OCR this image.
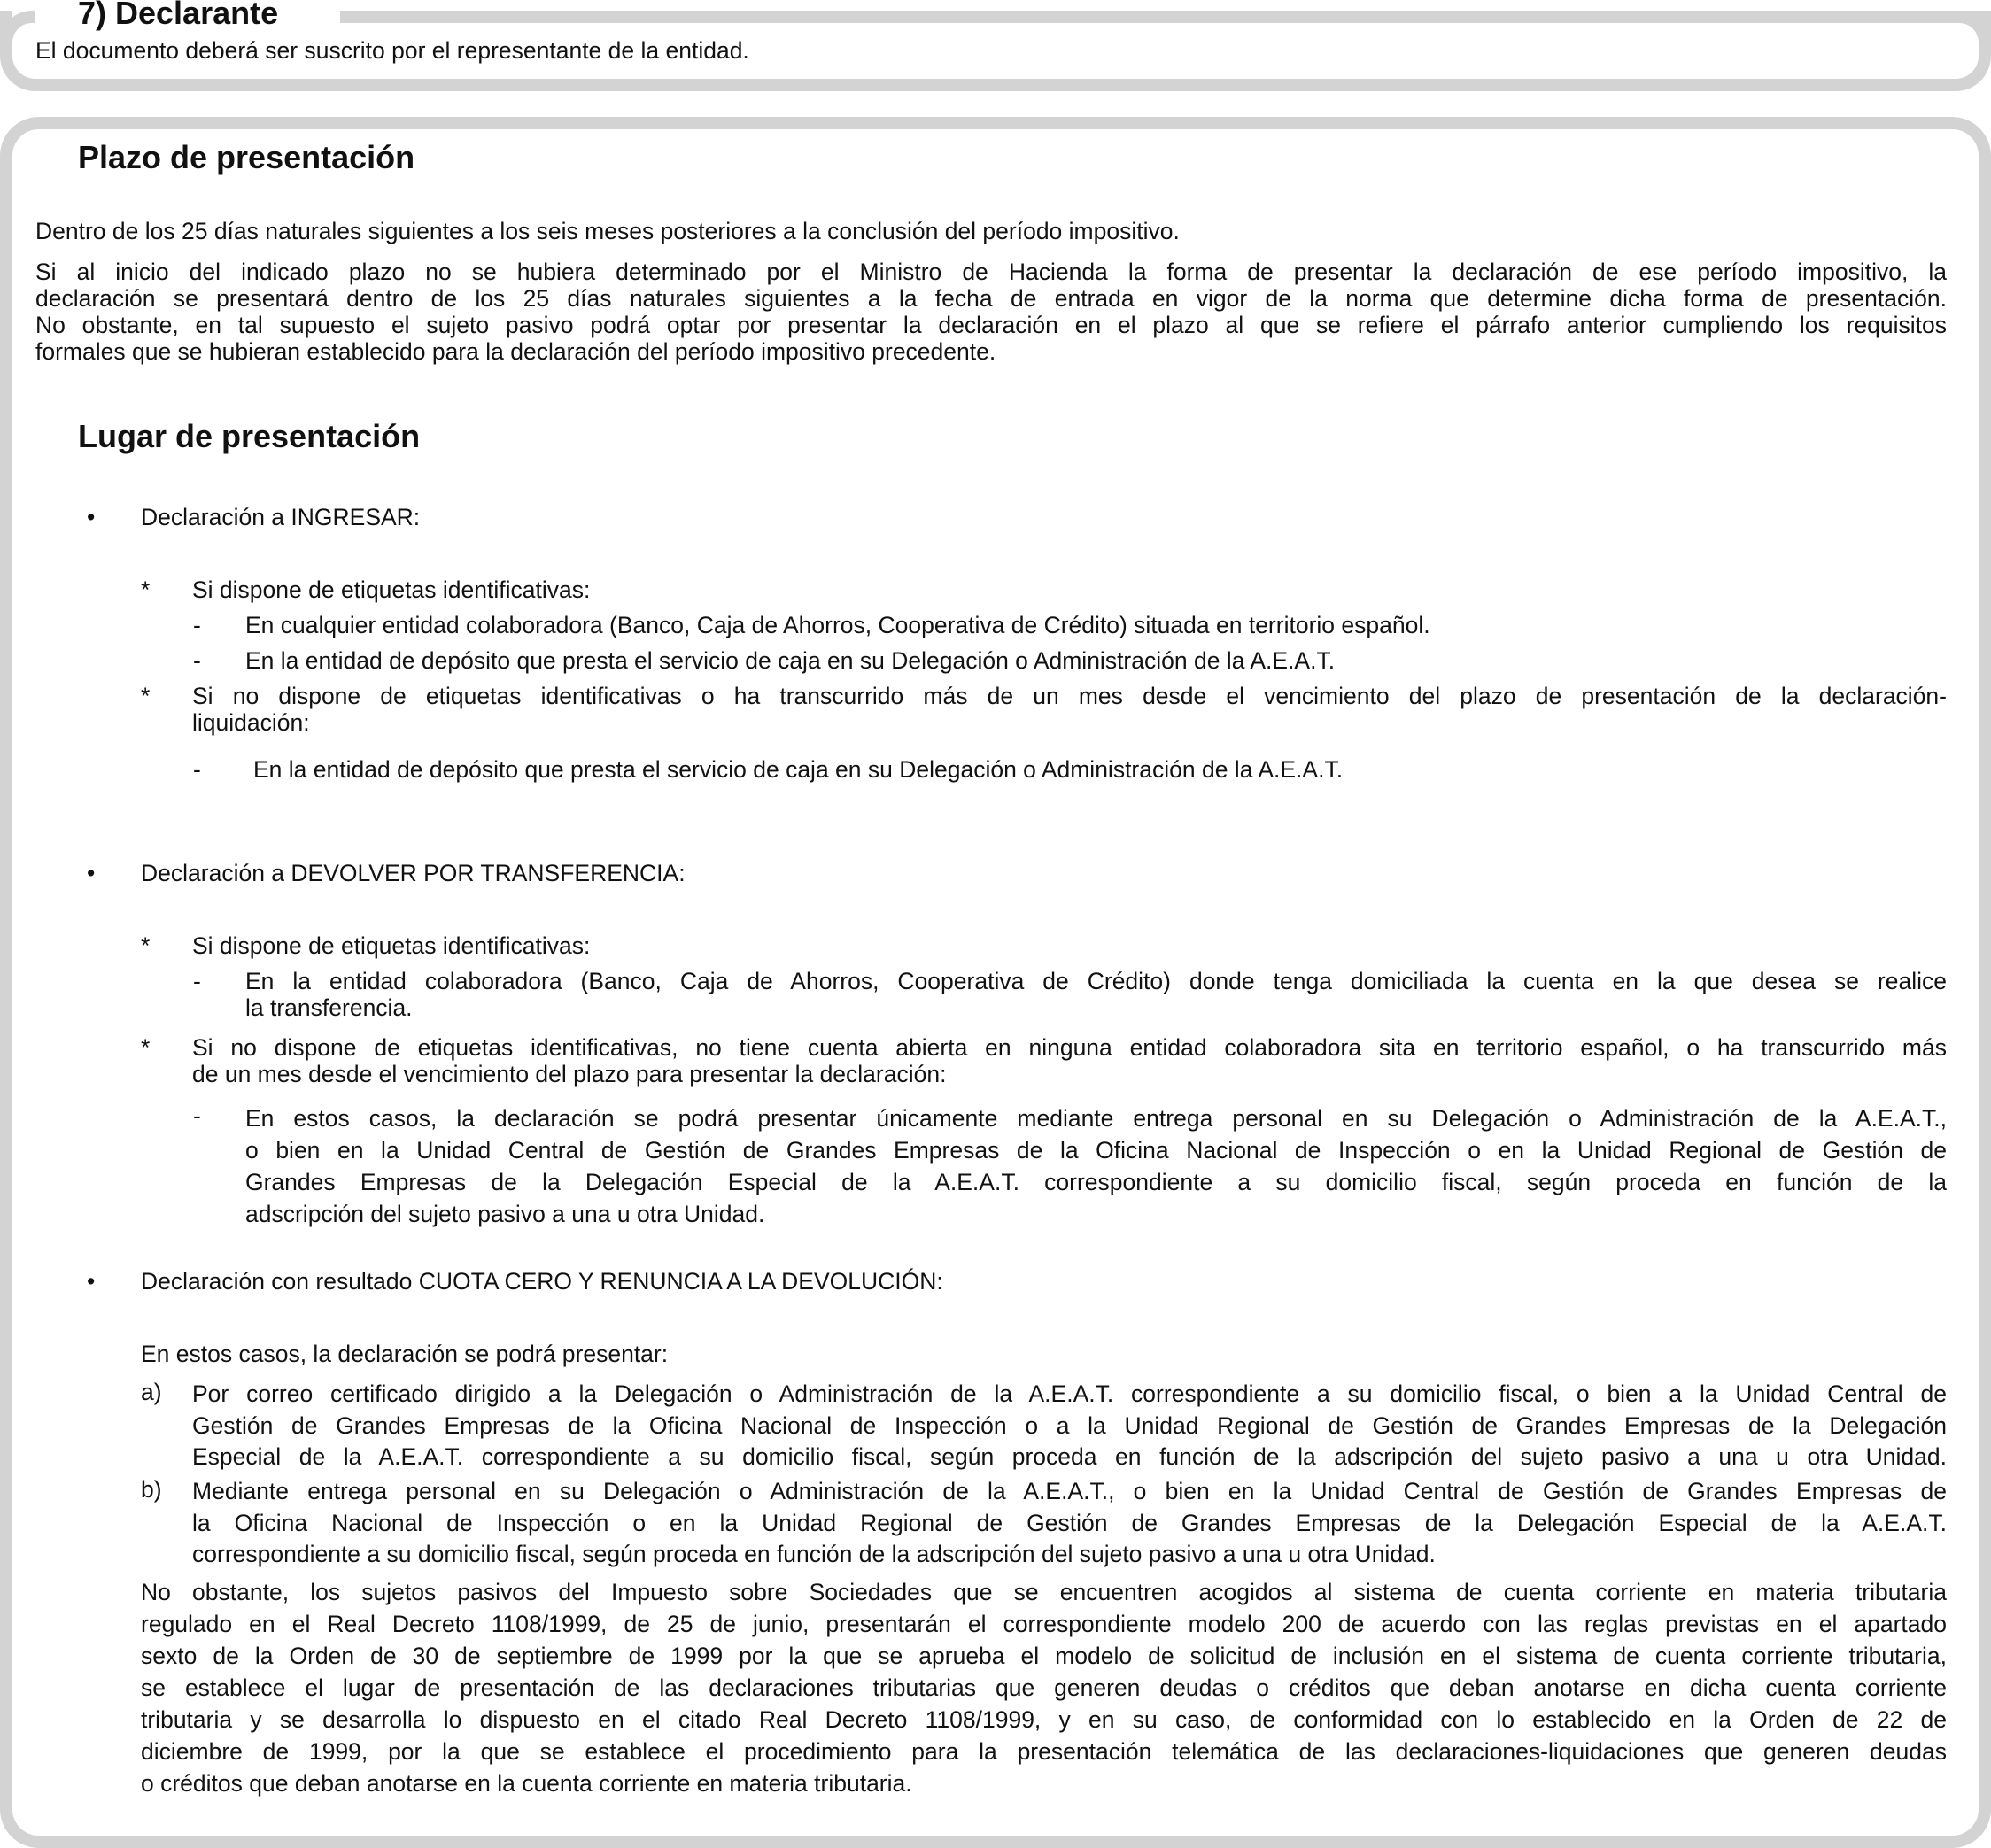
7) Declarante
El documento deberá ser suscrito por el representante de la entidad.
Plazo de presentación
Dentro de los 25 días naturales siguientes a los seis meses posteriores a la conclusión del período impositivo.
Si al inicio del indicado plazo no se hubiera determinado por el Ministro de Hacienda la forma de presentar la declaración de ese período impositivo, la
declaración se presentará dentro de los 25 días naturales siguientes a la fecha de entrada en vigor de la norma que determine dicha forma de presentación.
No obstante, en tal supuesto el sujeto pasivo podrá optar por presentar la declaración en el plazo al que se refiere el párrafo anterior cumpliendo los requisitos
formales que se hubieran establecido para la declaración del período impositivo precedente.
Lugar de presentación
• Declaración a INGRESAR:
* Si dispone de etiquetas identificativas:
- En cualquier entidad colaboradora (Banco, Caja de Ahorros, Cooperativa de Crédito) situada en territorio español.
- En la entidad de depósito que presta el servicio de caja en su Delegación o Administración de la A.E.A.T.
* Si no dispone de etiquetas identificativas o ha transcurrido más de un mes desde el vencimiento del plazo de presentación de la declaración-
liquidación:
- En la entidad de depósito que presta el servicio de caja en su Delegación o Administración de la A.E.A.T.
• Declaración a DEVOLVER POR TRANSFERENCIA:
* Si dispone de etiquetas identificativas:
- En la entidad colaboradora (Banco, Caja de Ahorros, Cooperativa de Crédito) donde tenga domiciliada la cuenta en la que desea se realice
la transferencia.
* Si no dispone de etiquetas identificativas, no tiene cuenta abierta en ninguna entidad colaboradora sita en territorio español, o ha transcurrido más
de un mes desde el vencimiento del plazo para presentar la declaración:
- En estos casos, la declaración se podrá presentar únicamente mediante entrega personal en su Delegación o Administración de la A.E.A.T.,
o bien en la Unidad Central de Gestión de Grandes Empresas de la Oficina Nacional de Inspección o en la Unidad Regional de Gestión de
Grandes Empresas de la Delegación Especial de la A.E.A.T. correspondiente a su domicilio fiscal, según proceda en función de la
adscripción del sujeto pasivo a una u otra Unidad.
• Declaración con resultado CUOTA CERO Y RENUNCIA A LA DEVOLUCIÓN:
En estos casos, la declaración se podrá presentar:
a) Por correo certificado dirigido a la Delegación o Administración de la A.E.A.T. correspondiente a su domicilio fiscal, o bien a la Unidad Central de
Gestión de Grandes Empresas de la Oficina Nacional de Inspección o a la Unidad Regional de Gestión de Grandes Empresas de la Delegación
Especial de la A.E.A.T. correspondiente a su domicilio fiscal, según proceda en función de la adscripción del sujeto pasivo a una u otra Unidad.
b) Mediante entrega personal en su Delegación o Administración de la A.E.A.T., o bien en la Unidad Central de Gestión de Grandes Empresas de
la Oficina Nacional de Inspección o en la Unidad Regional de Gestión de Grandes Empresas de la Delegación Especial de la A.E.A.T.
correspondiente a su domicilio fiscal, según proceda en función de la adscripción del sujeto pasivo a una u otra Unidad.
No obstante, los sujetos pasivos del Impuesto sobre Sociedades que se encuentren acogidos al sistema de cuenta corriente en materia tributaria
regulado en el Real Decreto 1108/1999, de 25 de junio, presentarán el correspondiente modelo 200 de acuerdo con las reglas previstas en el apartado
sexto de la Orden de 30 de septiembre de 1999 por la que se aprueba el modelo de solicitud de inclusión en el sistema de cuenta corriente tributaria,
se establece el lugar de presentación de las declaraciones tributarias que generen deudas o créditos que deban anotarse en dicha cuenta corriente
tributaria y se desarrolla lo dispuesto en el citado Real Decreto 1108/1999, y en su caso, de conformidad con lo establecido en la Orden de 22 de
diciembre de 1999, por la que se establece el procedimiento para la presentación telemática de las declaraciones-liquidaciones que generen deudas
o créditos que deban anotarse en la cuenta corriente en materia tributaria.
